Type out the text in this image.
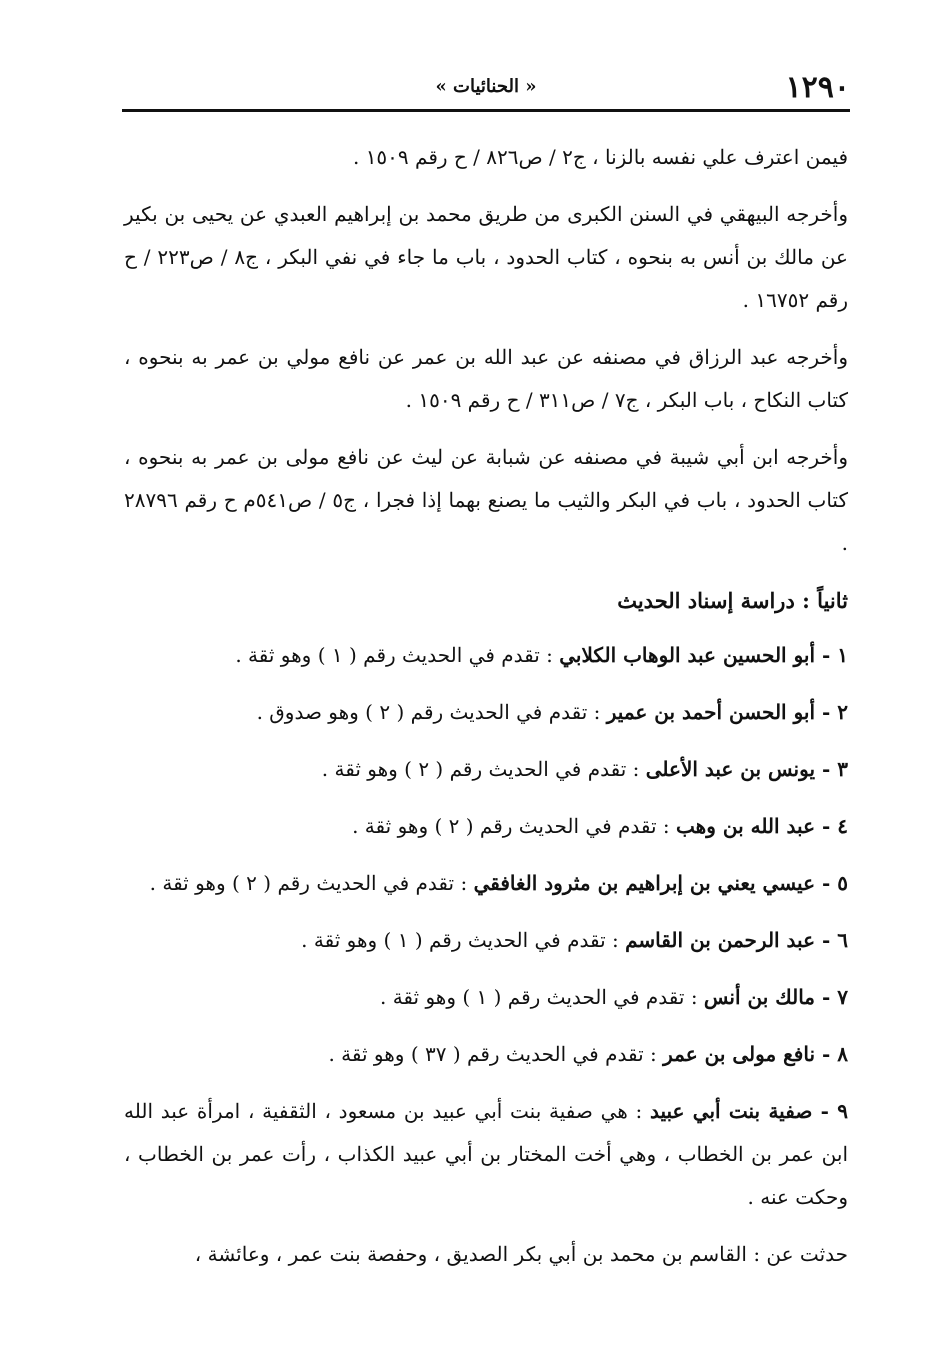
١٢٩٠
« الحنائيات »

فيمن اعترف علي نفسه بالزنا ، ج٢ / ص٨٢٦ / ح رقم ١٥٠٩ .

وأخرجه البيهقي في السنن الكبرى من طريق محمد بن إبراهيم العبدي عن يحيى بن بكير عن مالك بن أنس به بنحوه ، كتاب الحدود ، باب ما جاء في نفي البكر ، ج٨ / ص٢٢٣ / ح رقم ١٦٧٥٢ .

وأخرجه عبد الرزاق في مصنفه عن عبد الله بن عمر عن نافع مولي بن عمر به بنحوه ، كتاب النكاح ، باب البكر ، ج٧ / ص٣١١ / ح رقم ١٥٠٩ .

وأخرجه ابن أبي شيبة في مصنفه عن شبابة عن ليث عن نافع مولى بن عمر به بنحوه ، كتاب الحدود ، باب في البكر والثيب ما يصنع بهما إذا فجرا ، ج٥ / ص٥٤١م ح رقم ٢٨٧٩٦ .

ثانياً : دراسة إسناد الحديث
١ - أبو الحسين عبد الوهاب الكلابي : تقدم في الحديث رقم ( ١ ) وهو ثقة .
٢ - أبو الحسن أحمد بن عمير : تقدم في الحديث رقم ( ٢ ) وهو صدوق .
٣ - يونس بن عبد الأعلى : تقدم في الحديث رقم ( ٢ ) وهو ثقة .
٤ - عبد الله بن وهب : تقدم في الحديث رقم ( ٢ ) وهو ثقة .
٥ - عيسي يعني بن إبراهيم بن مثرود الغافقي : تقدم في الحديث رقم ( ٢ ) وهو ثقة .
٦ - عبد الرحمن بن القاسم : تقدم في الحديث رقم ( ١ ) وهو ثقة .
٧ - مالك بن أنس : تقدم في الحديث رقم ( ١ ) وهو ثقة .
٨ - نافع مولى بن عمر : تقدم في الحديث رقم ( ٣٧ ) وهو ثقة .
٩ - صفية بنت أبي عبيد : هي صفية بنت أبي عبيد بن مسعود ، الثقفية ، امرأة عبد الله ابن عمر بن الخطاب ، وهي أخت المختار بن أبي عبيد الكذاب ، رأت عمر بن الخطاب ، وحكت عنه .

حدثت عن : القاسم بن محمد بن أبي بكر الصديق ، وحفصة بنت عمر ، وعائشة ،
